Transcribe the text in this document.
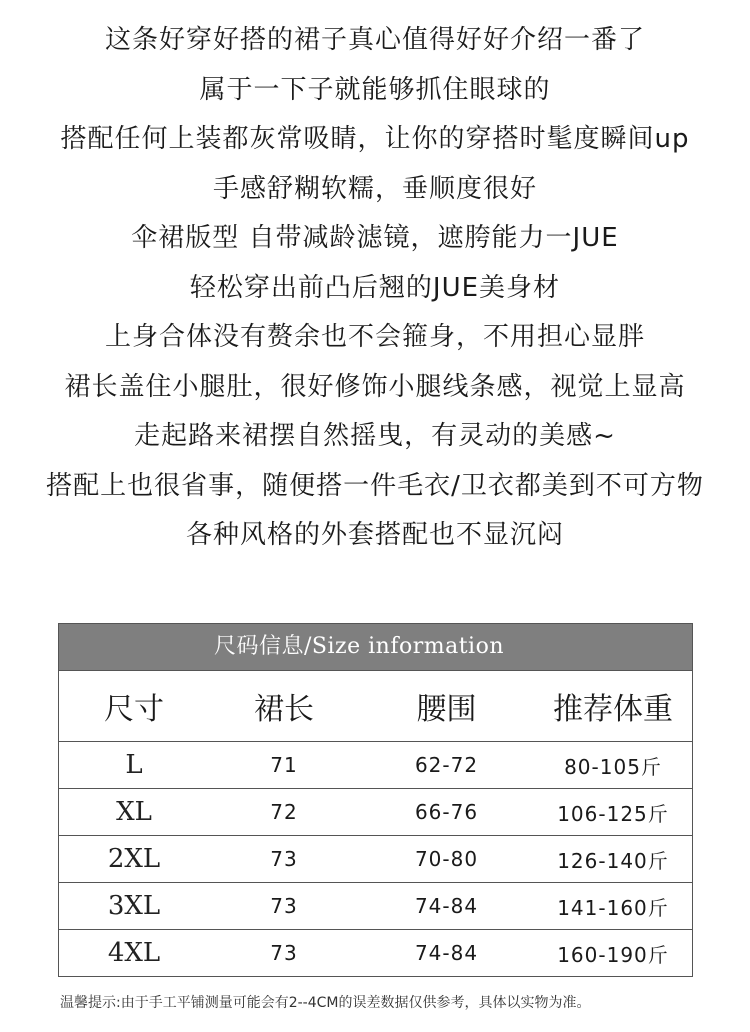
这条好穿好搭的裙子真心值得好好介绍一番了
属于一下子就能够抓住眼球的
搭配任何上装都灰常吸睛，让你的穿搭时髦度瞬间up
手感舒糊软糯，垂顺度很好
伞裙版型 自带减龄滤镜，遮胯能力一JUE
轻松穿出前凸后翘的JUE美身材
上身合体没有赘余也不会箍身，不用担心显胖
裙长盖住小腿肚，很好修饰小腿线条感，视觉上显高
走起路来裙摆自然摇曳，有灵动的美感~
搭配上也很省事，随便搭一件毛衣/卫衣都美到不可方物
各种风格的外套搭配也不显沉闷
尺码信息/Size information
尺寸	裙长	腰围	推荐体重
L	71	62-72	80-105斤
XL	72	66-76	106-125斤
2XL	73	70-80	126-140斤
3XL	73	74-84	141-160斤
4XL	73	74-84	160-190斤
温馨提示:由于手工平铺测量可能会有2--4CM的误差数据仅供参考，具体以实物为准。
